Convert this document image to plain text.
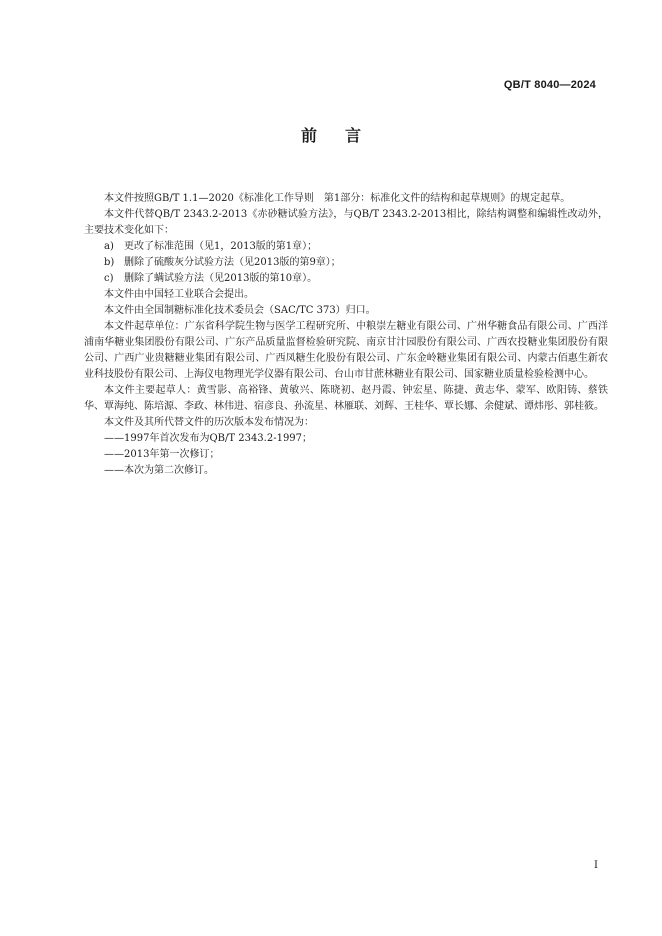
QB/T 8040—2024
前言

本文件按照GB/T 1.1—2020《标准化工作导则　第1部分：标准化文件的结构和起草规则》的规定起草。

本文件代替QB/T 2343.2-2013《赤砂糖试验方法》，与QB/T 2343.2-2013相比，除结构调整和编辑性改动外，主要技术变化如下：

a) 更改了标准范围（见1，2013版的第1章）；

b) 删除了硫酸灰分试验方法（见2013版的第9章）；

c) 删除了螨试验方法（见2013版的第10章）。

本文件由中国轻工业联合会提出。

本文件由全国制糖标准化技术委员会（SAC/TC 373）归口。

本文件起草单位：广东省科学院生物与医学工程研究所、中粮崇左糖业有限公司、广州华糖食品有限公司、广西洋浦南华糖业集团股份有限公司、广东产品质量监督检验研究院、南京甘汁园股份有限公司、广西农投糖业集团股份有限公司、广西广业贵糖糖业集团有限公司、广西凤糖生化股份有限公司、广东金岭糖业集团有限公司、内蒙古佰惠生新农业科技股份有限公司、上海仪电物理光学仪器有限公司、台山市甘蔗林糖业有限公司、国家糖业质量检验检测中心。

本文件主要起草人：黄雪影、高裕锋、黄敏兴、陈晓初、赵丹霞、钟宏星、陈捷、黄志华、蒙军、欧阳铸、蔡铁华、覃海纯、陈培源、李政、林伟进、宿彦良、孙流星、林雁联、刘辉、王桂华、覃长娜、余健斌、谭炜彤、郭桂筱。

本文件及其所代替文件的历次版本发布情况为：

——1997年首次发布为QB/T 2343.2-1997；

——2013年第一次修订；

——本次为第二次修订。

I
